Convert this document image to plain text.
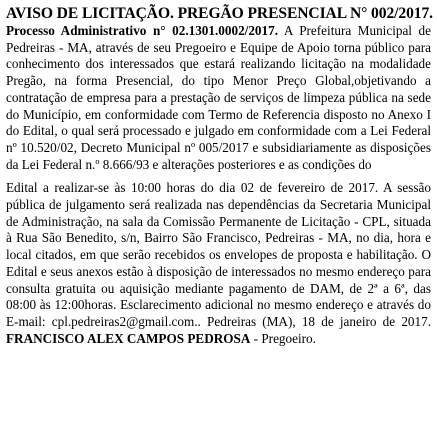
AVISO DE LICITAÇÃO. PREGÃO PRESENCIAL N° 002/2017.

Processo Administrativo n° 02.1301.0002/2017. A Prefeitura Municipal de Pedreiras - MA, através de seu Pregoeiro e Equipe de Apoio torna público para conhecimento dos interessados que estará realizando licitação na modalidade Pregão, na forma Presencial, do tipo Menor Preço Global,objetivando a contratação de empresa para a prestação de serviços de limpeza pública na sede do Município, em conformidade com Termo de Referencia disposto no Anexo I do Edital, o qual será processado e julgado em conformidade com a Lei Federal nº 10.520/02, Decreto Municipal nº 005/2017 e subsidiariamente as disposições da Lei Federal n.º 8.666/93 e alterações posteriores e as condições do

Edital a realizar-se às 10:00 horas do dia 02 de fevereiro de 2017. A sessão pública de julgamento será realizada nas dependências da Secretaria Municipal de Administração, na sala da Comissão Permanente de Licitação - CPL, situada à Rua São Benedito, s/n, Bairro São Francisco, Pedreiras - MA, no dia, hora e local citados, em que serão recebidos os envelopes de proposta e habilitação. O Edital e seus anexos estão à disposição de interessados no mesmo endereço para consulta gratuita ou aquisição mediante pagamento de DAM, de 2ª a 6ª, das 08:00 às 12:00horas. Esclarecimento adicional no mesmo endereço e através do E-mail: cpl.pedreiras2@gmail.com.. Pedreiras (MA), 18 de janeiro de 2017. FRANCISCO ALEX CAMPOS PEDROSA - Pregoeiro.
